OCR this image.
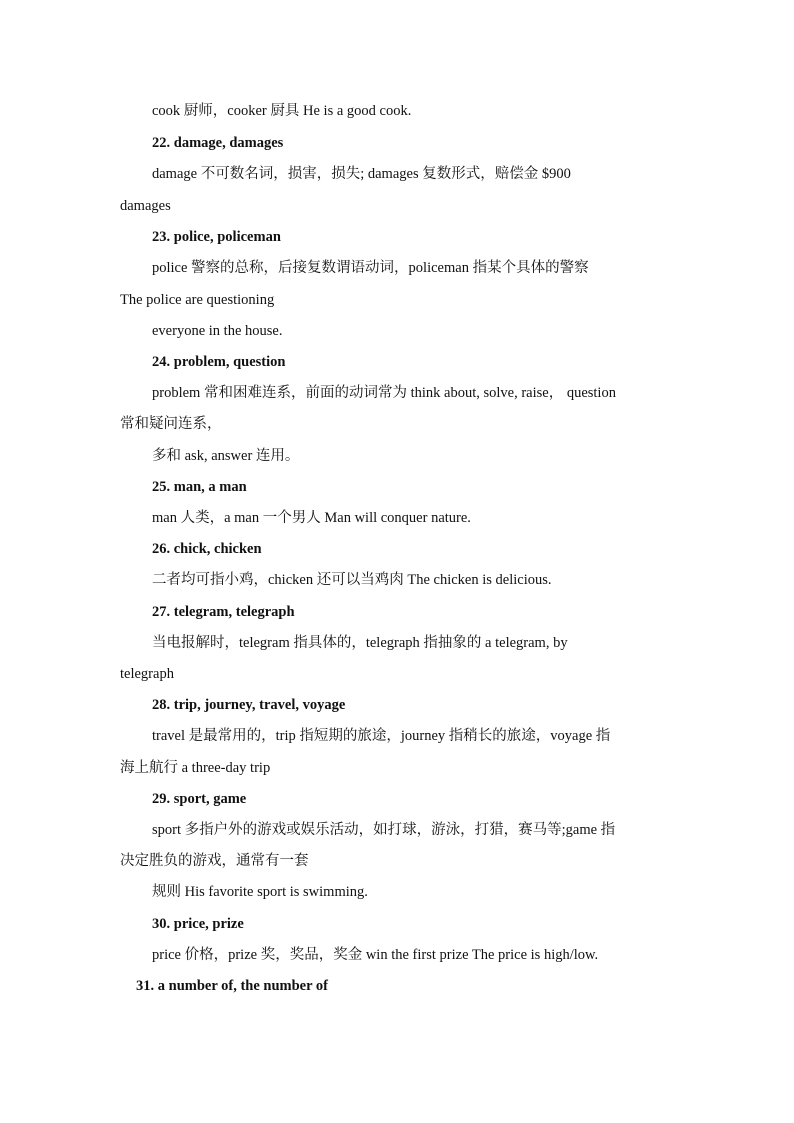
cook 厨师，cooker 厨具 He is a good cook.
22. damage, damages
damage 不可数名词，损害，损失; damages 复数形式，赔偿金 $900
damages
23. police, policeman
police 警察的总称，后接复数谓语动词，policeman 指某个具体的警察
The police are questioning
everyone in the house.
24. problem, question
problem 常和困难连系，前面的动词常为 think about, solve, raise， question
常和疑问连系，
多和 ask, answer 连用。
25. man, a man
man 人类，a man 一个男人 Man will conquer nature.
26. chick, chicken
二者均可指小鸡，chicken 还可以当鸡肉 The chicken is delicious.
27. telegram, telegraph
当电报解时，telegram 指具体的，telegraph 指抽象的 a telegram, by
telegraph
28. trip, journey, travel, voyage
travel 是最常用的，trip 指短期的旅途，journey 指稍长的旅途，voyage 指
海上航行 a three-day trip
29. sport, game
sport 多指户外的游戏或娱乐活动，如打球，游泳，打猎，赛马等;game 指
决定胜负的游戏，通常有一套
规则 His favorite sport is swimming.
30. price, prize
price 价格，prize 奖，奖品，奖金 win the first prize The price is high/low.
31. a number of, the number of
